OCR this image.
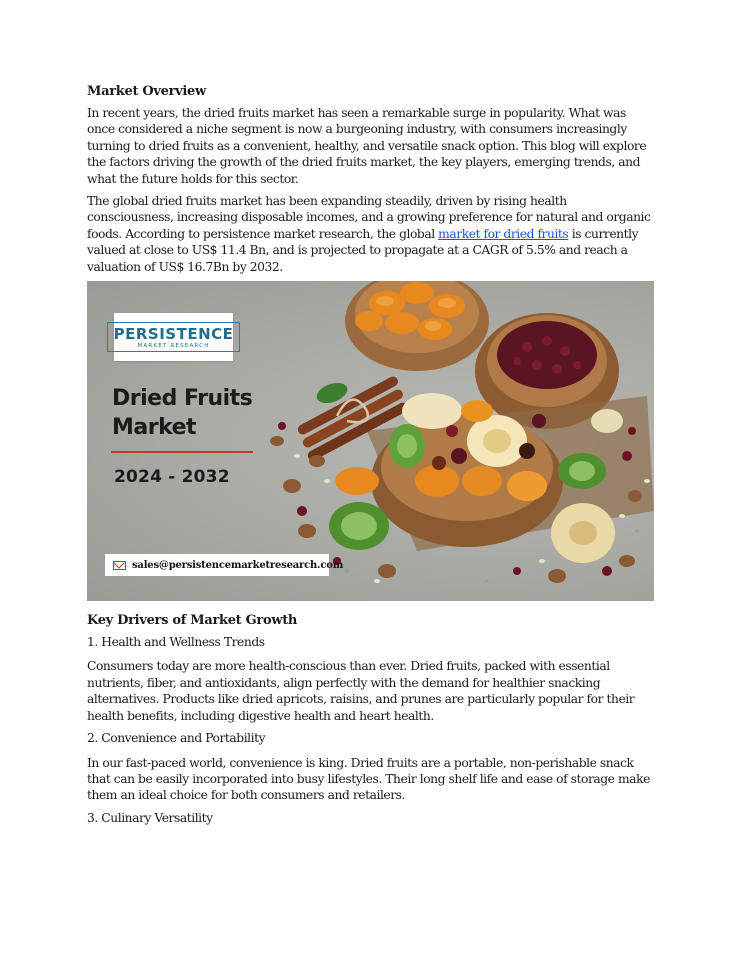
Market Overview

In recent years, the dried fruits market has seen a remarkable surge in popularity. What was once considered a niche segment is now a burgeoning industry, with consumers increasingly turning to dried fruits as a convenient, healthy, and versatile snack option. This blog will explore the factors driving the growth of the dried fruits market, the key players, emerging trends, and what the future holds for this sector.

The global dried fruits market has been expanding steadily, driven by rising health consciousness, increasing disposable incomes, and a growing preference for natural and organic foods. According to persistence market research, the global market for dried fruits is currently valued at close to US$ 11.4 Bn, and is projected to propagate at a CAGR of 5.5% and reach a valuation of US$ 16.7Bn by 2032.

PERSISTENCE
MARKET RESEARCH
Dried Fruits Market
2024 - 2032
sales@persistencemarketresearch.com
Key Drivers of Market Growth

1. Health and Wellness Trends

Consumers today are more health-conscious than ever. Dried fruits, packed with essential nutrients, fiber, and antioxidants, align perfectly with the demand for healthier snacking alternatives. Products like dried apricots, raisins, and prunes are particularly popular for their health benefits, including digestive health and heart health.

2. Convenience and Portability

In our fast-paced world, convenience is king. Dried fruits are a portable, non-perishable snack that can be easily incorporated into busy lifestyles. Their long shelf life and ease of storage make them an ideal choice for both consumers and retailers.

3. Culinary Versatility
